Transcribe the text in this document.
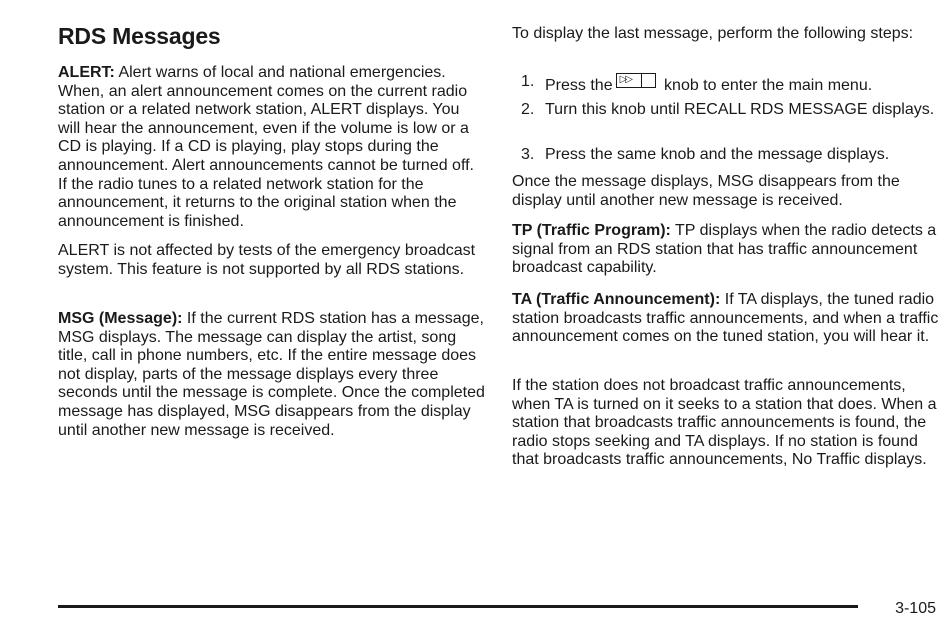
RDS Messages

ALERT: Alert warns of local and national emergencies. When, an alert announcement comes on the current radio station or a related network station, ALERT displays. You will hear the announcement, even if the volume is low or a CD is playing. If a CD is playing, play stops during the announcement. Alert announcements cannot be turned off. If the radio tunes to a related network station for the announcement, it returns to the original station when the announcement is finished.

ALERT is not affected by tests of the emergency broadcast system. This feature is not supported by all RDS stations.

MSG (Message): If the current RDS station has a message, MSG displays. The message can display the artist, song title, call in phone numbers, etc. If the entire message does not display, parts of the message displays every three seconds until the message is complete. Once the completed message has displayed, MSG disappears from the display until another new message is received.

To display the last message, perform the following steps:

1. Press the ▷▷ knob to enter the main menu.
2. Turn this knob until RECALL RDS MESSAGE displays.
3. Press the same knob and the message displays.

Once the message displays, MSG disappears from the display until another new message is received.

TP (Traffic Program): TP displays when the radio detects a signal from an RDS station that has traffic announcement broadcast capability.

TA (Traffic Announcement): If TA displays, the tuned radio station broadcasts traffic announcements, and when a traffic announcement comes on the tuned station, you will hear it.

If the station does not broadcast traffic announcements, when TA is turned on it seeks to a station that does. When a station that broadcasts traffic announcements is found, the radio stops seeking and TA displays. If no station is found that broadcasts traffic announcements, No Traffic displays.

3-105
